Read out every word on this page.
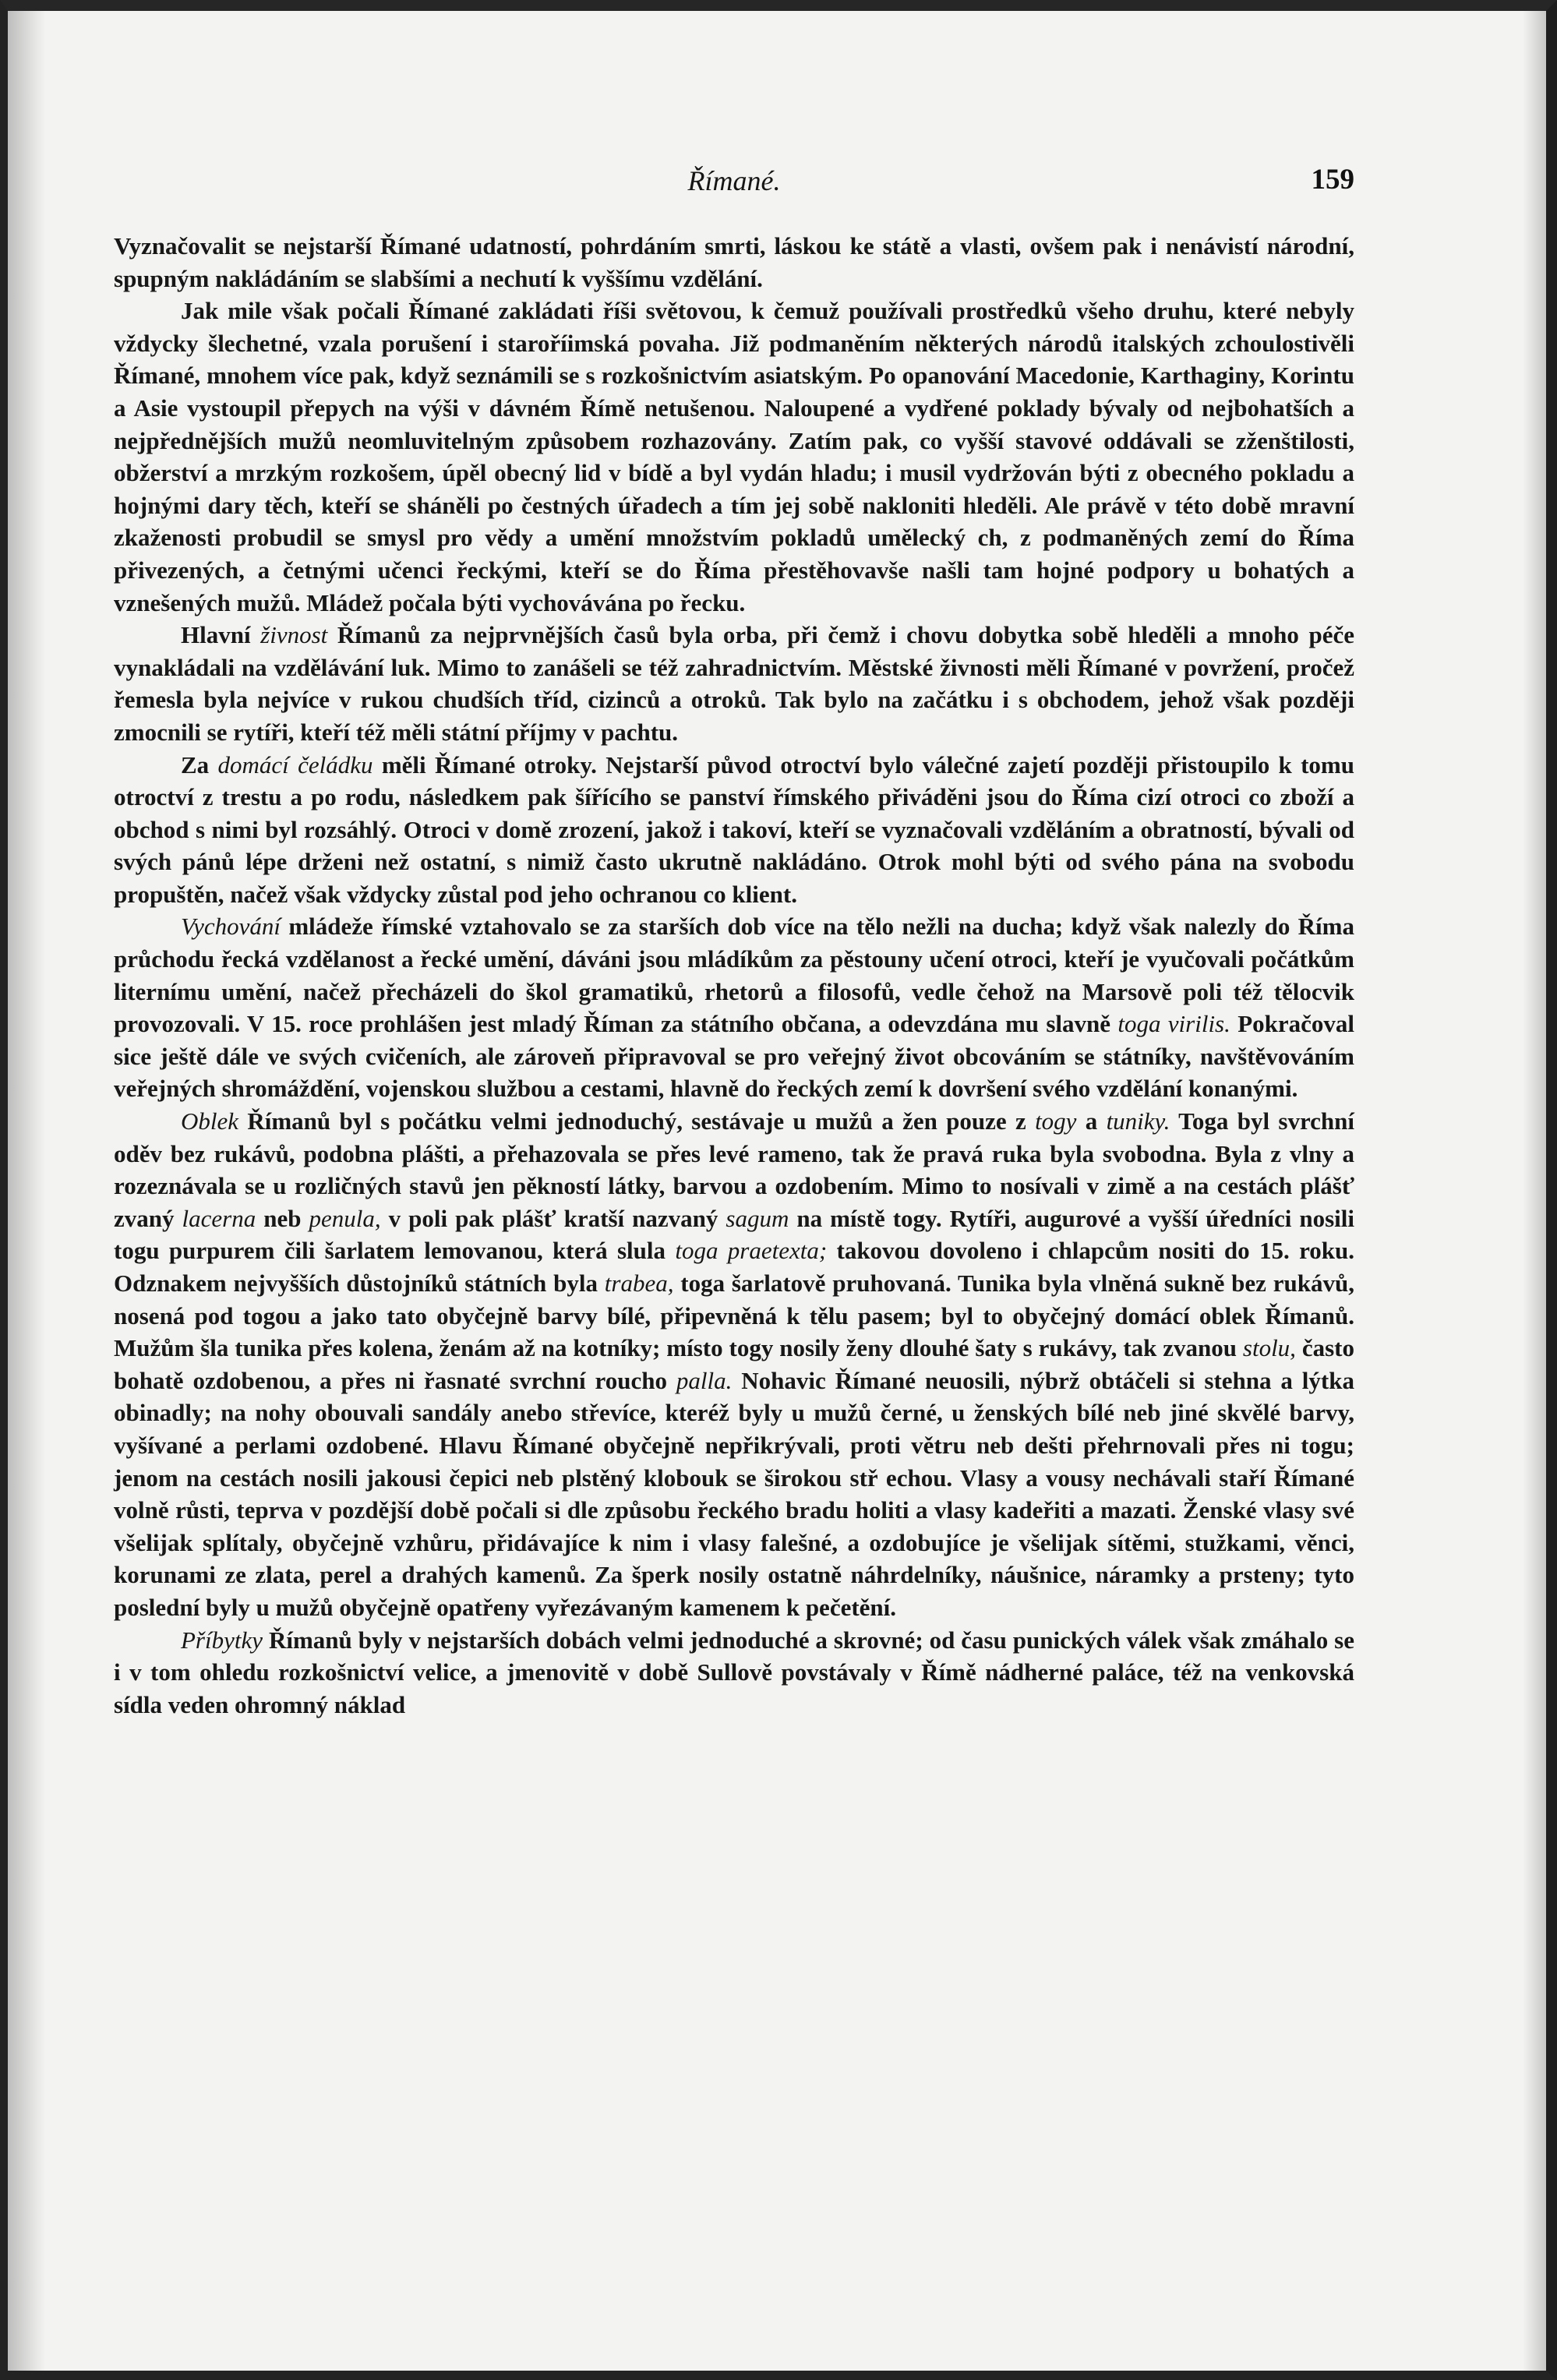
Římané.	159

Vyznačovalit se nejstarší Římané udatností, pohrdáním smrti, láskou ke státě a vlasti, ovšem pak i nenávistí národní, spupným nakládáním se slabšími a nechutí k vyššímu vzdělání.

Jak mile však počali Římané zakládati říši světovou, k čemuž používali prostředků všeho druhu, které nebyly vždycky šlechetné, vzala porušení i staroříimská povaha. Již podmaněním některých národů italských zchoulostivěli Římané, mnohem více pak, když seznámili se s rozkošnictvím asiatským. Po opanování Macedonie, Karthaginy, Korintu a Asie vystoupil přepych na výši v dávném Římě netušenou. Naloupené a vydřené poklady bývaly od nejbohatších a nejpřednějších mužů neomluvitelným způsobem rozhazovány. Zatím pak, co vyšší stavové oddávali se zženštilosti, obžerství a mrzkým rozkošem, úpěl obecný lid v bídě a byl vydán hladu; i musil vydržován býti z obecného pokladu a hojnými dary těch, kteří se sháněli po čestných úřadech a tím jej sobě nakloniti hleděli. Ale právě v této době mravní zkaženosti probudil se smysl pro vědy a umění množstvím pokladů umělecký ch, z podmaněných zemí do Říma přivezených, a četnými učenci řeckými, kteří se do Říma přestěhovavše našli tam hojné podpory u bohatých a vznešených mužů. Mládež počala býti vychovávána po řecku.

Hlavní živnost Římanů za nejprvnějších časů byla orba, při čemž i chovu dobytka sobě hleděli a mnoho péče vynakládali na vzdělávání luk. Mimo to zanášeli se též zahradnictvím. Městské živnosti měli Římané v povržení, pročež řemesla byla nejvíce v rukou chudších tříd, cizinců a otroků. Tak bylo na začátku i s obchodem, jehož však později zmocnili se rytíři, kteří též měli státní příjmy v pachtu.

Za domácí čeládku měli Římané otroky. Nejstarší původ otroctví bylo válečné zajetí později přistoupilo k tomu otroctví z trestu a po rodu, následkem pak šířícího se panství římského přiváděni jsou do Říma cizí otroci co zboží a obchod s nimi byl rozsáhlý. Otroci v domě zrození, jakož i takoví, kteří se vyznačovali vzděláním a obratností, bývali od svých pánů lépe drženi než ostatní, s nimiž často ukrutně nakládáno. Otrok mohl býti od svého pána na svobodu propuštěn, načež však vždycky zůstal pod jeho ochranou co klient.

Vychování mládeže římské vztahovalo se za starších dob více na tělo nežli na ducha; když však nalezly do Říma průchodu řecká vzdělanost a řecké umění, dáváni jsou mládíkům za pěstouny učení otroci, kteří je vyučovali počátkům liternímu umění, načež přecházeli do škol gramatiků, rhetorů a filosofů, vedle čehož na Marsově poli též tělocvik provozovali. V 15. roce prohlášen jest mladý Říman za státního občana, a odevzdána mu slavně toga virilis. Pokračoval sice ještě dále ve svých cvičeních, ale zároveň připravoval se pro veřejný život obcováním se státníky, navštěvováním veřejných shromáždění, vojenskou službou a cestami, hlavně do řeckých zemí k dovršení svého vzdělání konanými.

Oblek Římanů byl s počátku velmi jednoduchý, sestávaje u mužů a žen pouze z togy a tuniky. Toga byl svrchní oděv bez rukávů, podobna plášti, a přehazovala se přes levé rameno, tak že pravá ruka byla svobodna. Byla z vlny a rozeznávala se u rozličných stavů jen pěkností látky, barvou a ozdobením. Mimo to nosívali v zimě a na cestách plášť zvaný lacerna neb penula, v poli pak plášť kratší nazvaný sagum na místě togy. Rytíři, augurové a vyšší úředníci nosili togu purpurem čili šarlatem lemovanou, která slula toga praetexta; takovou dovoleno i chlapcům nositi do 15. roku. Odznakem nejvyšších důstojníků státních byla trabea, toga šarlatově pruhovaná. Tunika byla vlněná sukně bez rukávů, nosená pod togou a jako tato obyčejně barvy bílé, připevněná k tělu pasem; byl to obyčejný domácí oblek Římanů. Mužům šla tunika přes kolena, ženám až na kotníky; místo togy nosily ženy dlouhé šaty s rukávy, tak zvanou stolu, často bohatě ozdobenou, a přes ni řasnaté svrchní roucho palla. Nohavic Římané neuosili, nýbrž obtáčeli si stehna a lýtka obinadly; na nohy obouvali sandály anebo střevíce, kteréž byly u mužů černé, u ženských bílé neb jiné skvělé barvy, vyšívané a perlami ozdobené. Hlavu Římané obyčejně nepřikrývali, proti větru neb dešti přehrnovali přes ni togu; jenom na cestách nosili jakousi čepici neb plstěný klobouk se širokou stř echou. Vlasy a vousy nechávali staří Římané volně růsti, teprva v pozdější době počali si dle způsobu řeckého bradu holiti a vlasy kadeřiti a mazati. Ženské vlasy své všelijak splítaly, obyčejně vzhůru, přidávajíce k nim i vlasy falešné, a ozdobujíce je všelijak sítěmi, stužkami, věnci, korunami ze zlata, perel a drahých kamenů. Za šperk nosily ostatně náhrdelníky, náušnice, náramky a prsteny; tyto poslední byly u mužů obyčejně opatřeny vyřezávaným kamenem k pečetění.

Příbytky Římanů byly v nejstarších dobách velmi jednoduché a skrovné; od času punických válek však zmáhalo se i v tom ohledu rozkošnictví velice, a jmenovitě v době Sullově povstávaly v Římě nádherné paláce, též na venkovská sídla veden ohromný náklad
